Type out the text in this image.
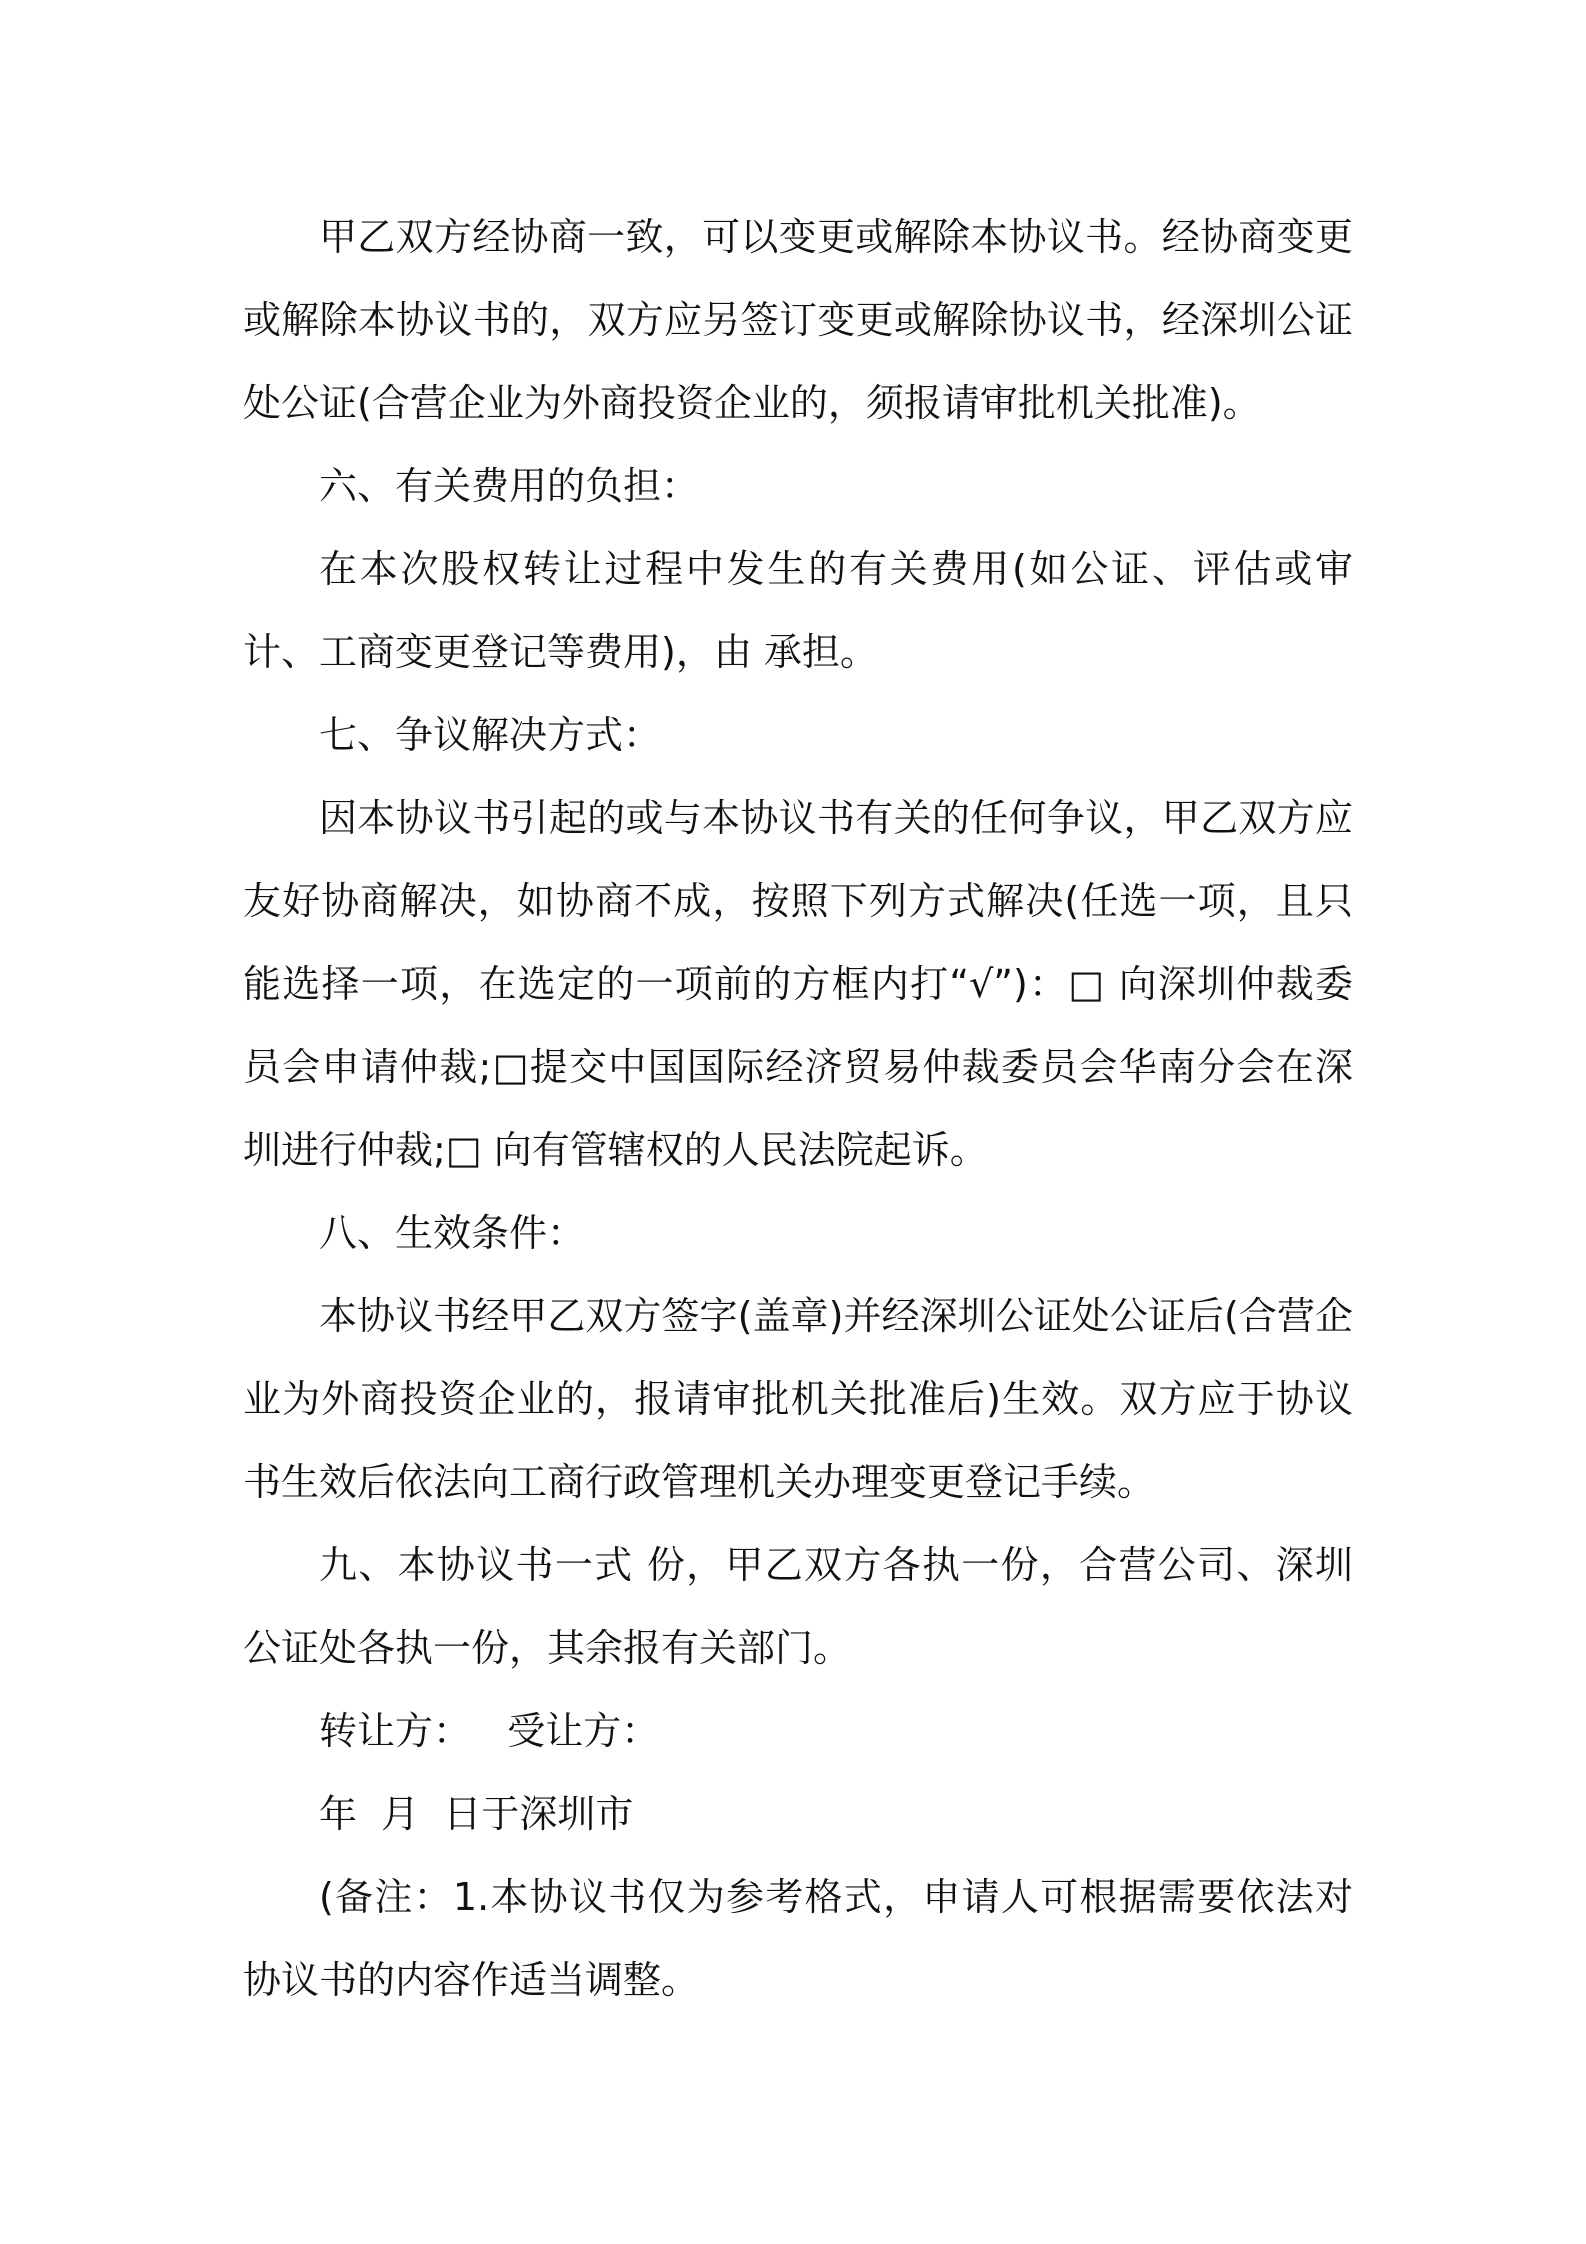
甲乙双方经协商一致，可以变更或解除本协议书。经协商变更或解除本协议书的，双方应另签订变更或解除协议书，经深圳公证处公证(合营企业为外商投资企业的，须报请审批机关批准)。

六、有关费用的负担：

在本次股权转让过程中发生的有关费用(如公证、评估或审计、工商变更登记等费用)，由 承担。

七、争议解决方式：

因本协议书引起的或与本协议书有关的任何争议，甲乙双方应友好协商解决，如协商不成，按照下列方式解决(任选一项，且只能选择一项，在选定的一项前的方框内打“√”)：□ 向深圳仲裁委员会申请仲裁;□提交中国国际经济贸易仲裁委员会华南分会在深圳进行仲裁;□ 向有管辖权的人民法院起诉。

八、生效条件：

本协议书经甲乙双方签字(盖章)并经深圳公证处公证后(合营企业为外商投资企业的，报请审批机关批准后)生效。双方应于协议书生效后依法向工商行政管理机关办理变更登记手续。

九、本协议书一式 份，甲乙双方各执一份，合营公司、深圳公证处各执一份，其余报有关部门。

转让方：   受让方：

年  月  日于深圳市

(备注：1.本协议书仅为参考格式，申请人可根据需要依法对协议书的内容作适当调整。
